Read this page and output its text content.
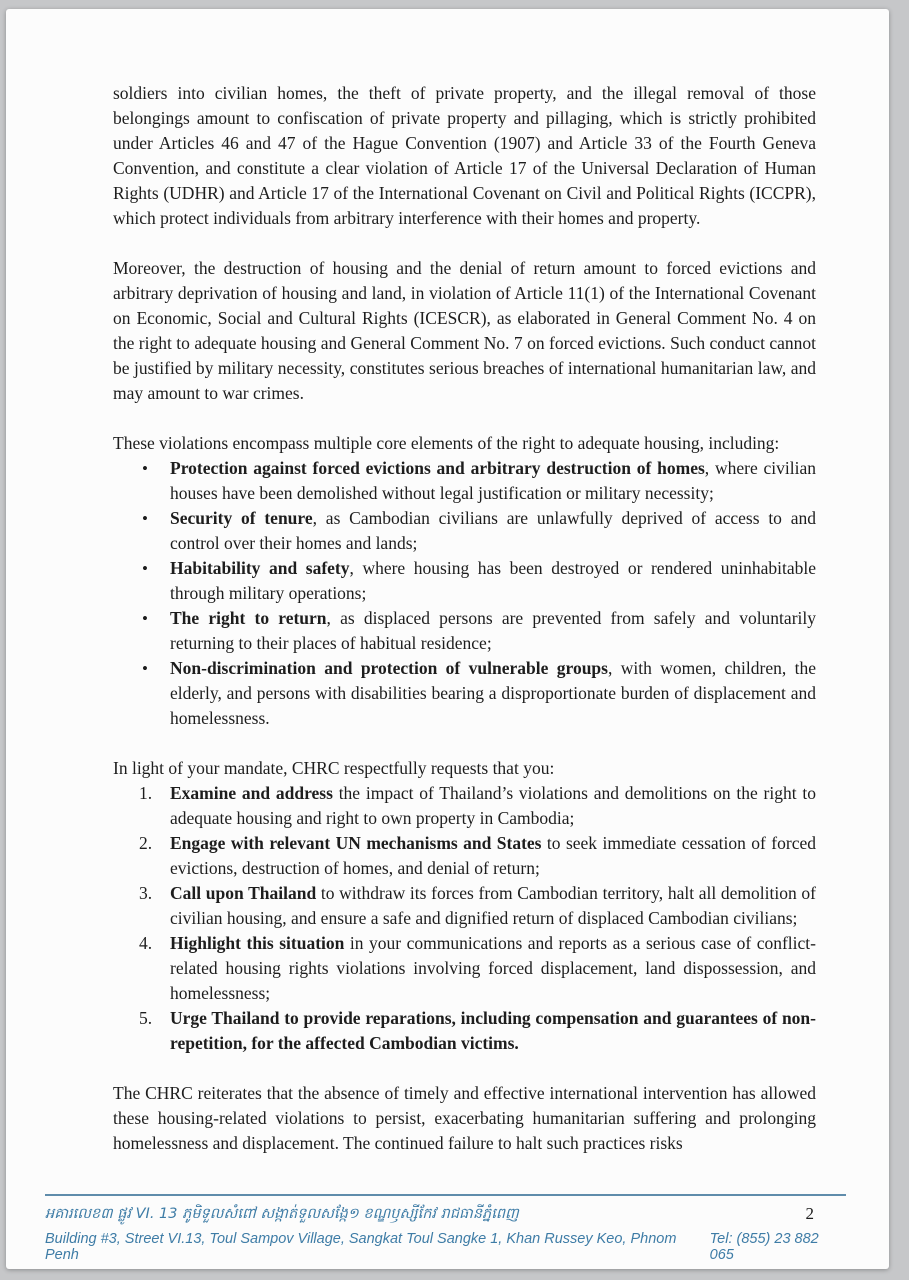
soldiers into civilian homes, the theft of private property, and the illegal removal of those belongings amount to confiscation of private property and pillaging, which is strictly prohibited under Articles 46 and 47 of the Hague Convention (1907) and Article 33 of the Fourth Geneva Convention, and constitute a clear violation of Article 17 of the Universal Declaration of Human Rights (UDHR) and Article 17 of the International Covenant on Civil and Political Rights (ICCPR), which protect individuals from arbitrary interference with their homes and property.

Moreover, the destruction of housing and the denial of return amount to forced evictions and arbitrary deprivation of housing and land, in violation of Article 11(1) of the International Covenant on Economic, Social and Cultural Rights (ICESCR), as elaborated in General Comment No. 4 on the right to adequate housing and General Comment No. 7 on forced evictions. Such conduct cannot be justified by military necessity, constitutes serious breaches of international humanitarian law, and may amount to war crimes.

These violations encompass multiple core elements of the right to adequate housing, including:

• Protection against forced evictions and arbitrary destruction of homes, where civilian houses have been demolished without legal justification or military necessity;
• Security of tenure, as Cambodian civilians are unlawfully deprived of access to and control over their homes and lands;
• Habitability and safety, where housing has been destroyed or rendered uninhabitable through military operations;
• The right to return, as displaced persons are prevented from safely and voluntarily returning to their places of habitual residence;
• Non-discrimination and protection of vulnerable groups, with women, children, the elderly, and persons with disabilities bearing a disproportionate burden of displacement and homelessness.

In light of your mandate, CHRC respectfully requests that you:

Examine and address the impact of Thailand’s violations and demolitions on the right to adequate housing and right to own property in Cambodia;
Engage with relevant UN mechanisms and States to seek immediate cessation of forced evictions, destruction of homes, and denial of return;
Call upon Thailand to withdraw its forces from Cambodian territory, halt all demolition of civilian housing, and ensure a safe and dignified return of displaced Cambodian civilians;
Highlight this situation in your communications and reports as a serious case of conflict-related housing rights violations involving forced displacement, land dispossession, and homelessness;
Urge Thailand to provide reparations, including compensation and guarantees of non-repetition, for the affected Cambodian victims.

The CHRC reiterates that the absence of timely and effective international intervention has allowed these housing-related violations to persist, exacerbating humanitarian suffering and prolonging homelessness and displacement. The continued failure to halt such practices risks

អគារលេខ៣ ផ្លូវ VI. 13 ភូមិទួលសំពៅ សង្កាត់ទួលសង្កែ១ ខណ្ឌឫស្សីកែវ រាជធានីភ្នំពេញ	2
Building #3, Street VI.13, Toul Sampov Village, Sangkat Toul Sangke 1, Khan Russey Keo, Phnom Penh
Tel: (855) 23 882 065
